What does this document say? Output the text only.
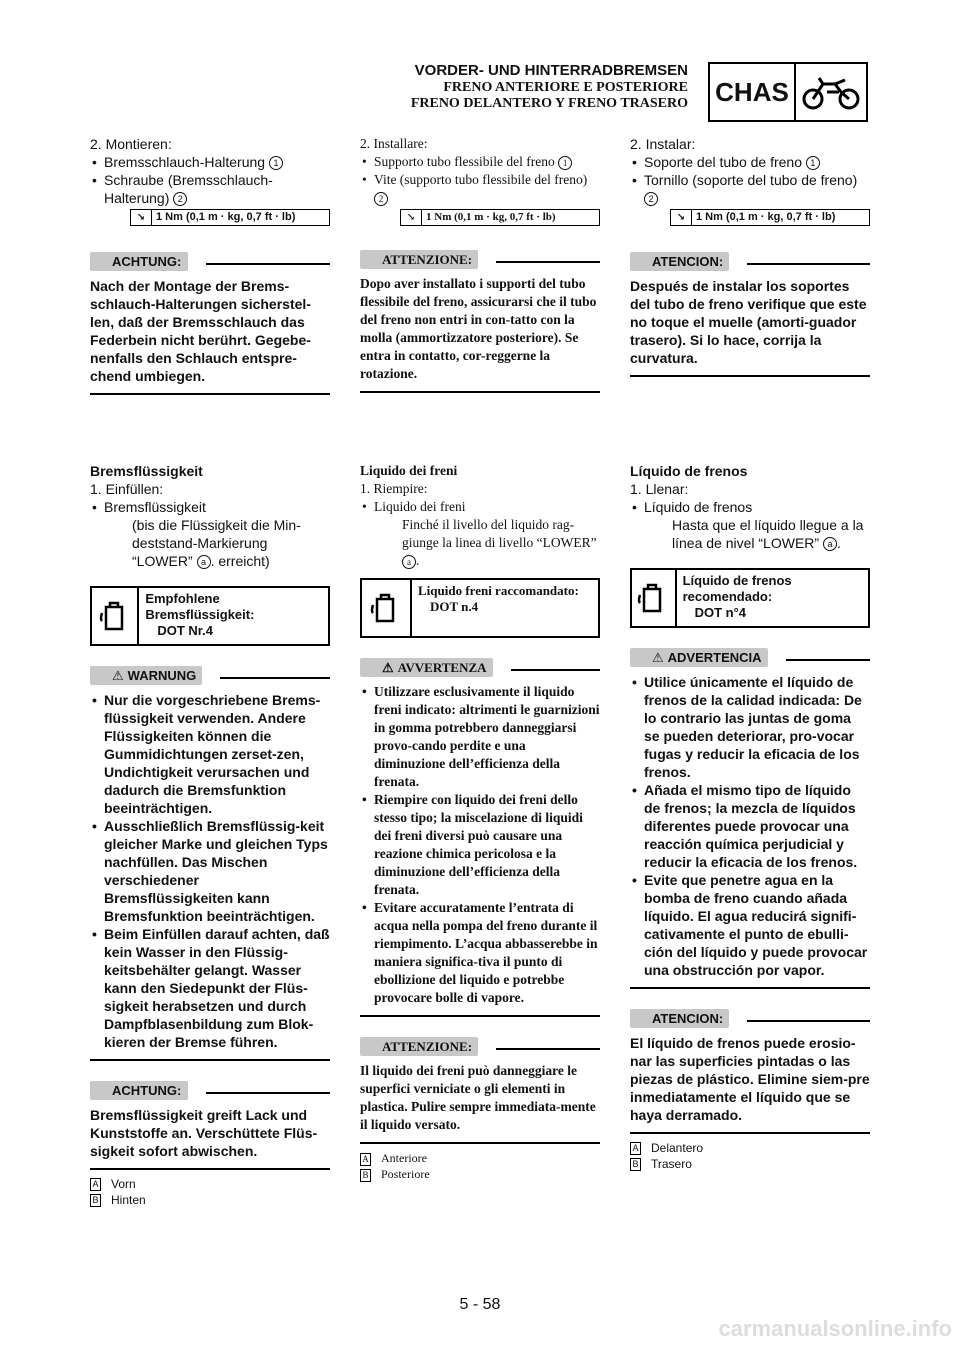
VORDER- UND HINTERRADBREMSEN
FRENO ANTERIORE E POSTERIORE
FRENO DELANTERO Y FRENO TRASERO CHAS

2. Montieren:

• Bremsschlauch-Halterung 1
• Schraube (Bremsschlauch-Halterung) 2
↘ 1 Nm (0,1 m · kg, 0,7 ft · lb)
ACHTUNG:

Nach der Montage der Brems-schlauch-Halterungen sicherstel-len, daß der Bremsschlauch das Federbein nicht berührt. Gegebe-nenfalls den Schlauch entspre-chend umbiegen.

Bremsflüssigkeit

1. Einfüllen:

• Bremsflüssigkeit

(bis die Flüssigkeit die Min-deststand-Markierung “LOWER” a . erreicht)

Empfohlene Bremsflüssigkeit:
DOT Nr.4
⚠ WARNUNG
• Nur die vorgeschriebene Brems-flüssigkeit verwenden. Andere Flüssigkeiten können die Gummidichtungen zerset-zen, Undichtigkeit verursachen und dadurch die Bremsfunktion beeinträchtigen.
• Ausschließlich Bremsflüssig-keit gleicher Marke und gleichen Typs nachfüllen. Das Mischen verschiedener Bremsflüssigkeiten kann Bremsfunktion beeinträchtigen.
• Beim Einfüllen darauf achten, daß kein Wasser in den Flüssig-keitsbehälter gelangt. Wasser kann den Siedepunkt der Flüs-sigkeit herabsetzen und durch Dampfblasenbildung zum Blok-kieren der Bremse führen.
ACHTUNG:

Bremsflüssigkeit greift Lack und Kunststoffe an. Verschüttete Flüs-sigkeit sofort abwischen.

A Vorn
B Hinten

2. Installare:

• Supporto tubo flessibile del freno 1
• Vite (supporto tubo flessibile del freno) 2
↘ 1 Nm (0,1 m · kg, 0,7 ft · lb)
ATTENZIONE:

Dopo aver installato i supporti del tubo flessibile del freno, assicurarsi che il tubo del freno non entri in con-tatto con la molla (ammortizzatore posteriore). Se entra in contatto, cor-reggerne la rotazione.

Liquido dei freni

1. Riempire:

• Liquido dei freni

Finché il livello del liquido rag-giunge la linea di livello “LOWER” a .

Liquido freni raccomandato:
DOT n.4
⚠ AVVERTENZA
• Utilizzare esclusivamente il liquido freni indicato: altrimenti le guarnizioni in gomma potrebbero danneggiarsi provo-cando perdite e una diminuzione dell’efficienza della frenata.
• Riempire con liquido dei freni dello stesso tipo; la miscelazione di liquidi dei freni diversi può causare una reazione chimica pericolosa e la diminuzione dell’efficienza della frenata.
• Evitare accuratamente l’entrata di acqua nella pompa del freno durante il riempimento. L’acqua abbasserebbe in maniera significa-tiva il punto di ebollizione del liquido e potrebbe provocare bolle di vapore.
ATTENZIONE:

Il liquido dei freni può danneggiare le superfici verniciate o gli elementi in plastica. Pulire sempre immediata-mente il liquido versato.

A Anteriore
B Posteriore

2. Instalar:

• Soporte del tubo de freno 1
• Tornillo (soporte del tubo de freno) 2
↘ 1 Nm (0,1 m · kg, 0,7 ft · lb)
ATENCION:

Después de instalar los soportes del tubo de freno verifique que este no toque el muelle (amorti-guador trasero). Si lo hace, corrija la curvatura.

Líquido de frenos

1. Llenar:

• Líquido de frenos

Hasta que el líquido llegue a la línea de nivel “LOWER” a .

Líquido de frenos recomendado:
DOT n°4
⚠ ADVERTENCIA
• Utilice únicamente el líquido de frenos de la calidad indicada: De lo contrario las juntas de goma se pueden deteriorar, pro-vocar fugas y reducir la eficacia de los frenos.
• Añada el mismo tipo de líquido de frenos; la mezcla de líquidos diferentes puede provocar una reacción química perjudicial y reducir la eficacia de los frenos.
• Evite que penetre agua en la bomba de freno cuando añada líquido. El agua reducirá signifi-cativamente el punto de ebulli-ción del líquido y puede provocar una obstrucción por vapor.
ATENCION:

El líquido de frenos puede erosio-nar las superficies pintadas o las piezas de plástico. Elimine siem-pre inmediatamente el líquido que se haya derramado.

A Delantero
B Trasero
5 - 58
carmanualsonline.info
